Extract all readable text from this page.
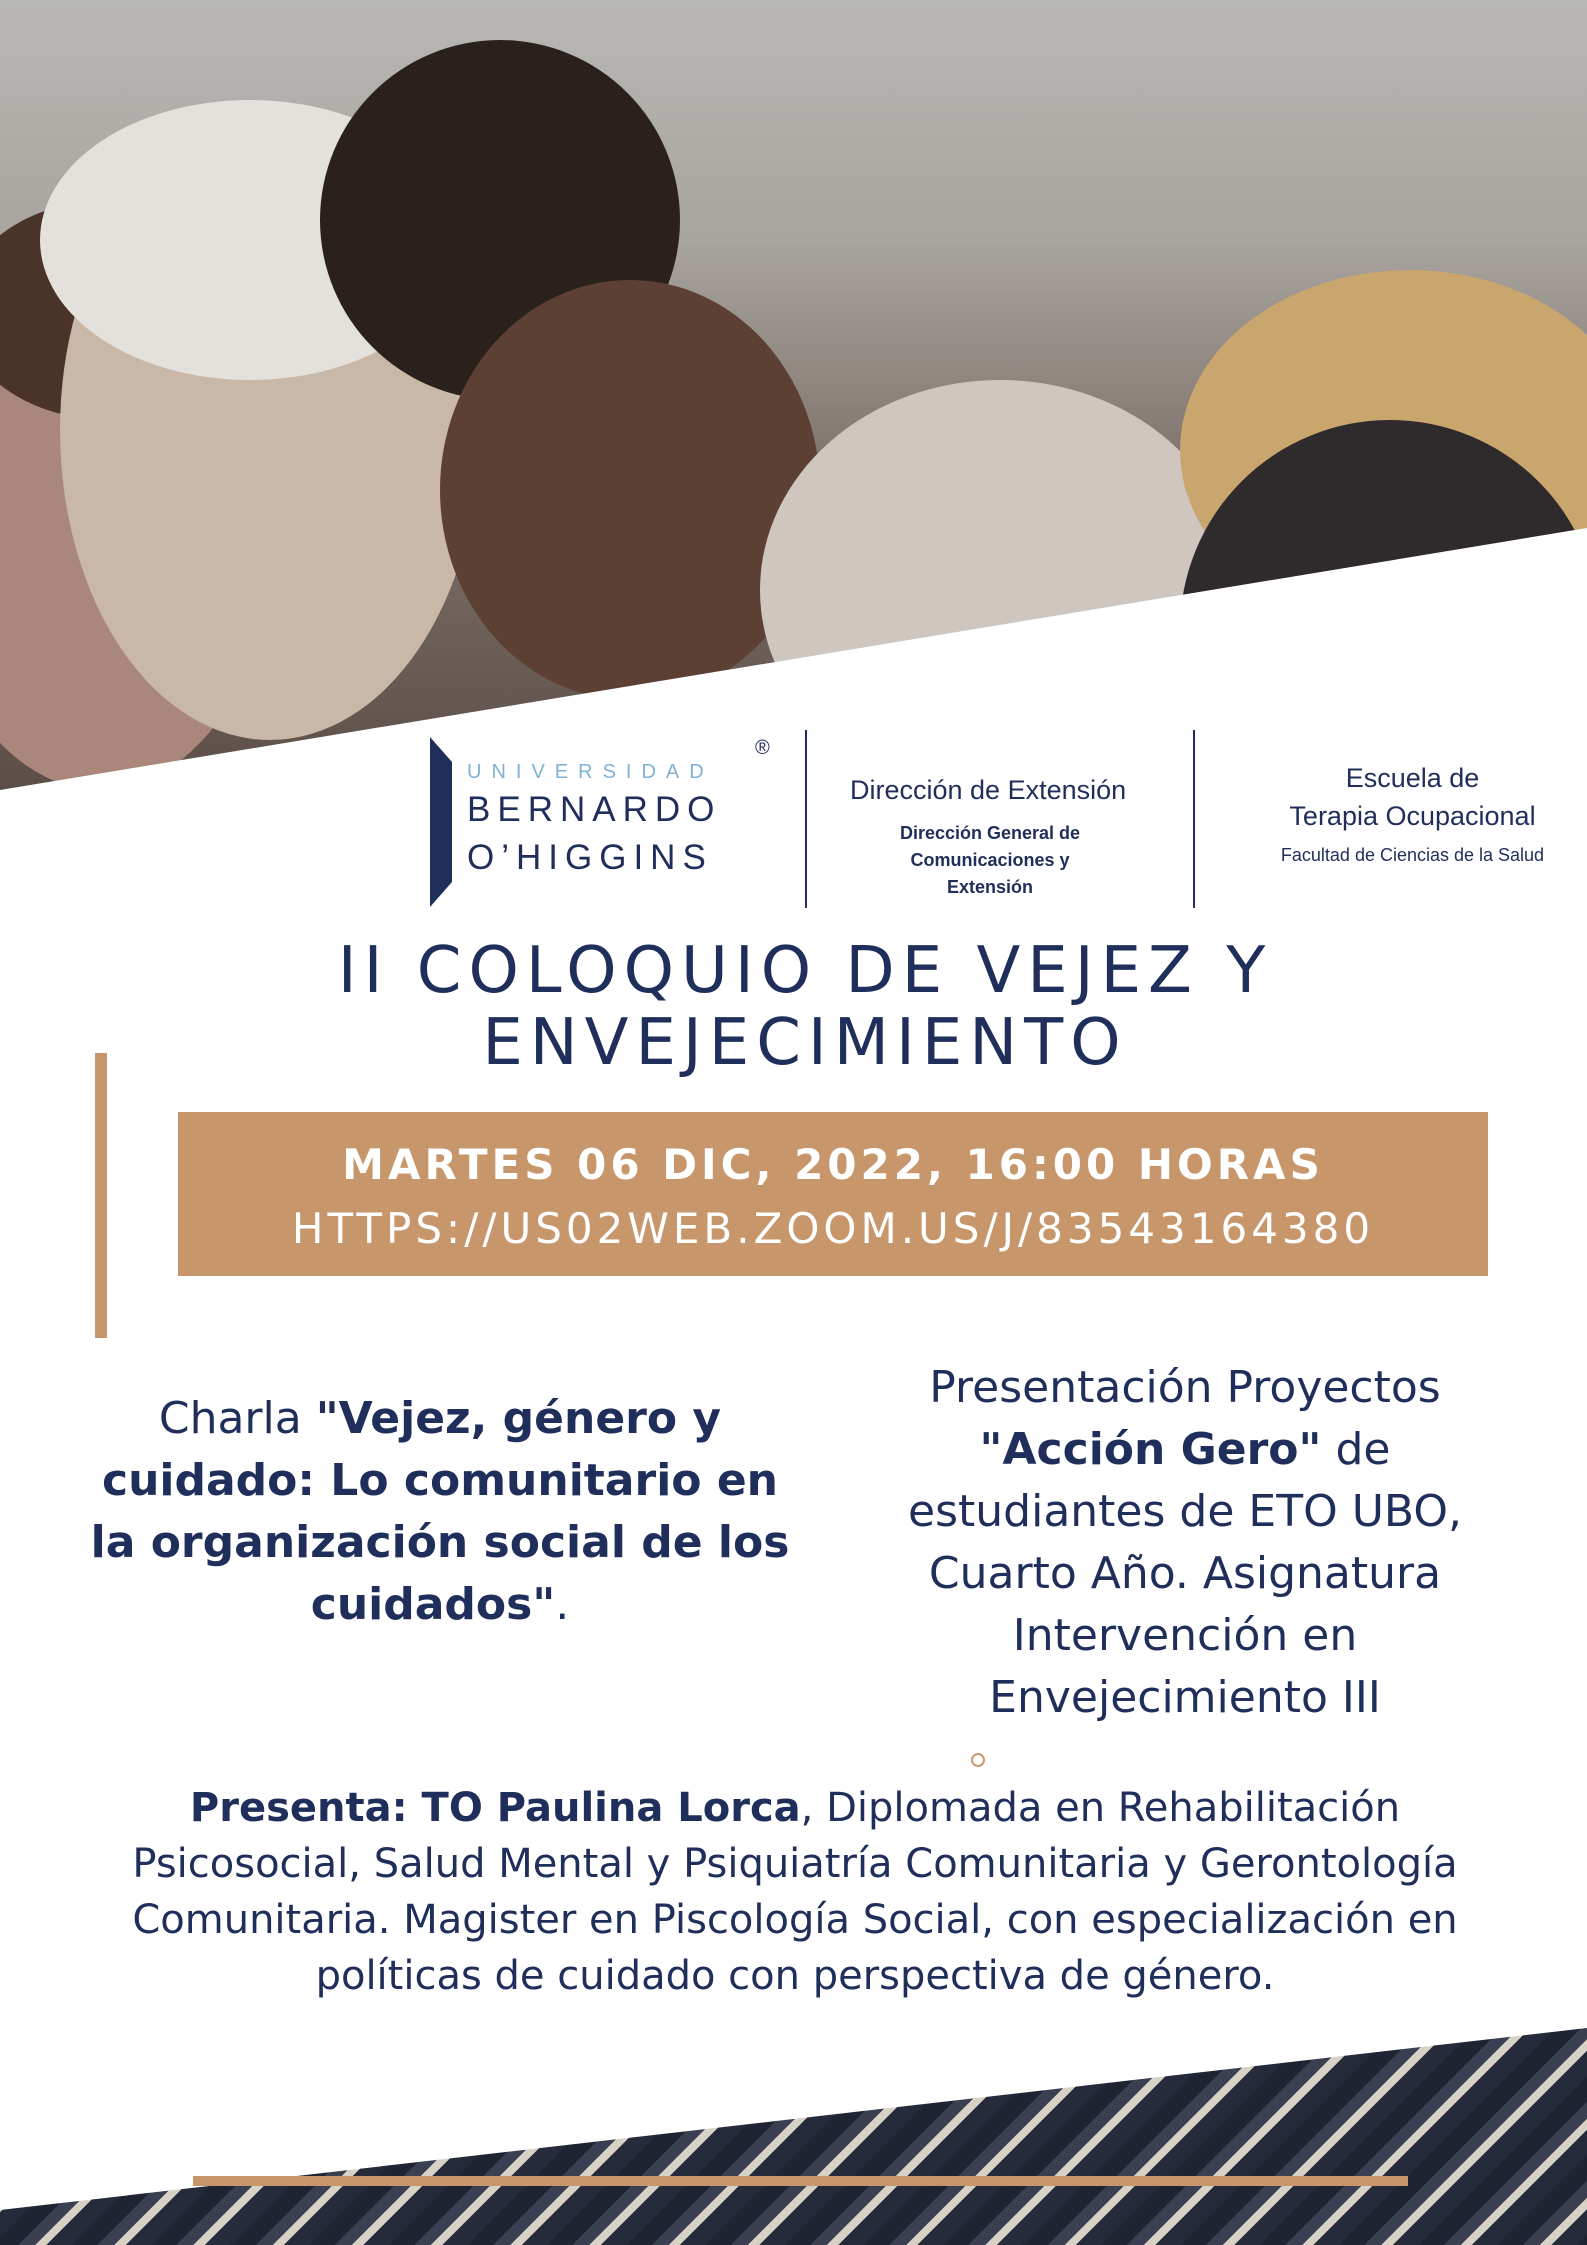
UNIVERSIDAD
®
BERNARDO
O’HIGGINS
Dirección de Extensión
Dirección General de Comunicaciones y Extensión
Escuela de
Terapia Ocupacional
Facultad de Ciencias de la Salud
II COLOQUIO DE VEJEZ Y
ENVEJECIMIENTO
MARTES 06 DIC, 2022, 16:00 HORAS
HTTPS://US02WEB.ZOOM.US/J/83543164380
Charla "Vejez, género y cuidado: Lo comunitario en la organización social de los cuidados".
Presentación Proyectos
"Acción Gero" de
estudiantes de ETO UBO, Cuarto Año. Asignatura Intervención en Envejecimiento III
Presenta: TO Paulina Lorca, Diplomada en Rehabilitación Psicosocial, Salud Mental y Psiquiatría Comunitaria y Gerontología Comunitaria. Magister en Piscología Social, con especialización en políticas de cuidado con perspectiva de género.
